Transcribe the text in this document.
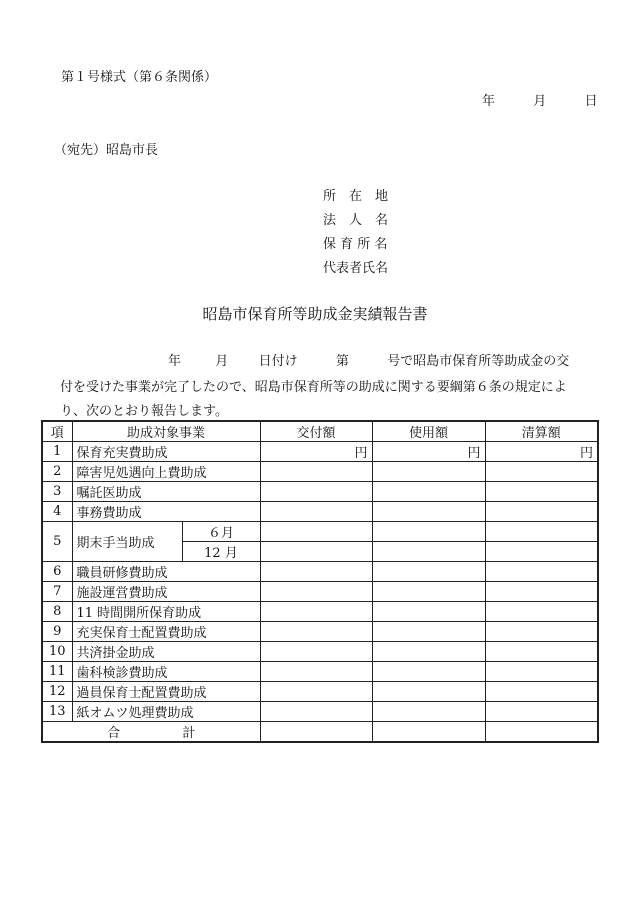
第１号様式（第６条関係）
年	月	日
（宛先）昭島市長
所　在　地
法　人　名
保 育 所 名
代表者氏名
昭島市保育所等助成金実績報告書
年	月 日付け	第	号で昭島市保育所等助成金の交
付を受けた事業が完了したので、昭島市保育所等の助成に関する要綱第６条の規定によ
り、次のとおり報告します。
項	助成対象事業		交付額	使用額	清算額
1	保育充実費助成		円	円	円
2	障害児処遇向上費助成				
3	嘱託医助成				
4	事務費助成				
5	期末手当助成	６月			
		12 月			
6	職員研修費助成				
7	施設運営費助成				
8	11 時間開所保育助成				
9	充実保育士配置費助成				
10	共済掛金助成				
11	歯科検診費助成				
12	過員保育士配置費助成				
13	紙オムツ処理費助成				
合 計					
